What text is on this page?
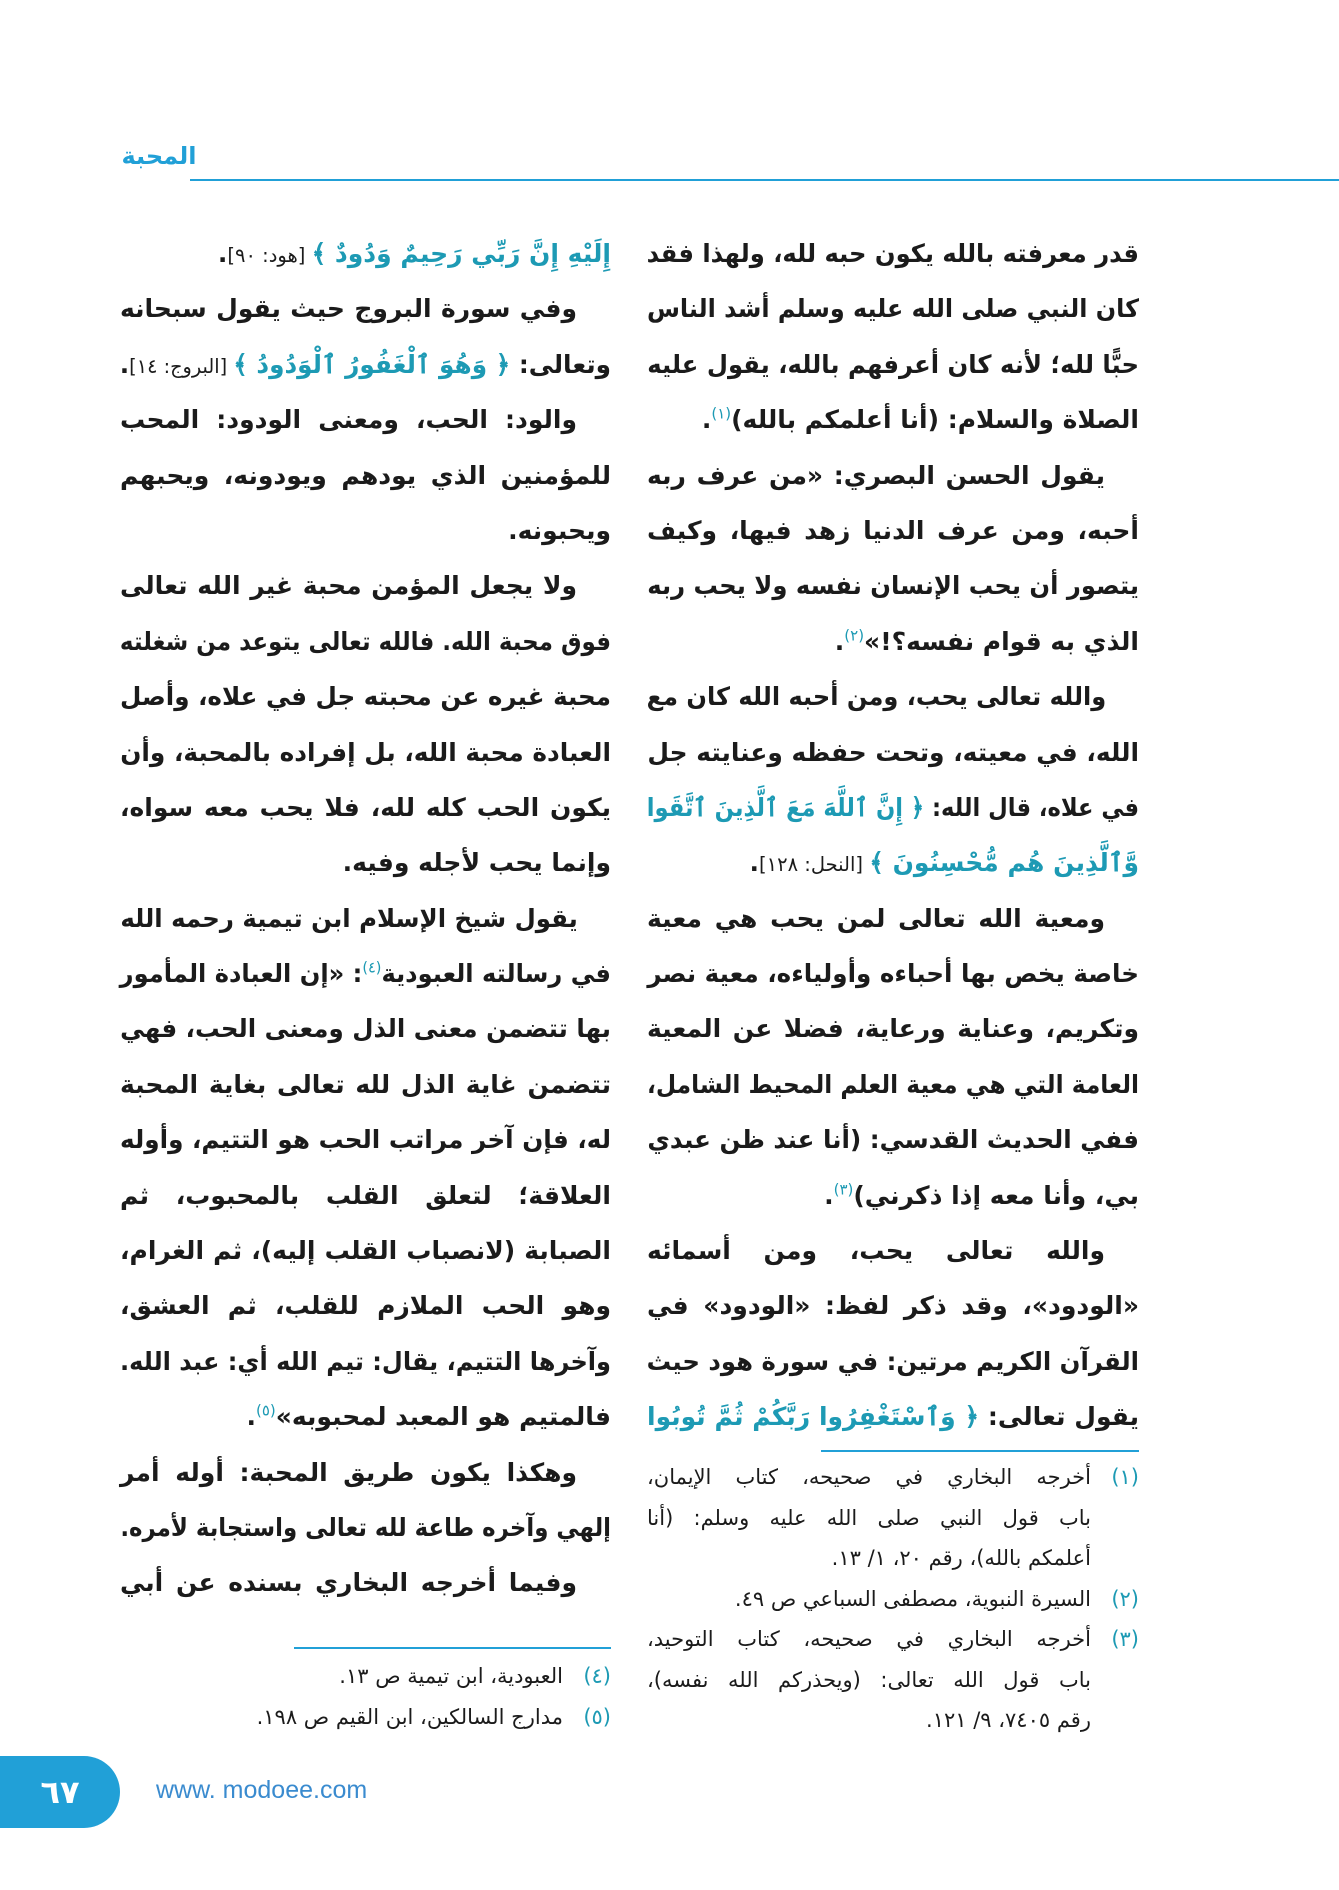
المحبة
قدر معرفته بالله يكون حبه لله، ولهذا فقد
كان النبي صلى الله عليه وسلم أشد الناس
حبًّا لله؛ لأنه كان أعرفهم بالله، يقول عليه
الصلاة والسلام: (أنا أعلمكم بالله)$^{(١)}$.
يقول الحسن البصري: «من عرف ربه
أحبه، ومن عرف الدنيا زهد فيها، وكيف
يتصور أن يحب الإنسان نفسه ولا يحب ربه
الذي به قوام نفسه؟!»$^{(٢)}$.
والله تعالى يحب، ومن أحبه الله كان مع
الله، في معيته، وتحت حفظه وعنايته جل
في علاه، قال الله: ﴿ إِنَّ ٱللَّهَ مَعَ ٱلَّذِينَ ٱتَّقَوا
وَّٱلَّذِينَ هُم مُّحْسِنُونَ ﴾ [النحل: ١٢٨].
ومعية الله تعالى لمن يحب هي معية
خاصة يخص بها أحباءه وأولياءه، معية نصر
وتكريم، وعناية ورعاية، فضلا عن المعية
العامة التي هي معية العلم المحيط الشامل،
ففي الحديث القدسي: (أنا عند ظن عبدي
بي، وأنا معه إذا ذكرني)$^{(٣)}$.
والله تعالى يحب، ومن أسمائه
«الودود»، وقد ذكر لفظ: «الودود» في
القرآن الكريم مرتين: في سورة هود حيث
يقول تعالى: ﴿ وَٱسْتَغْفِرُوا رَبَّكُمْ ثُمَّ تُوبُوا
إِلَيْهِ إِنَّ رَبِّي رَحِيمٌ وَدُودٌ ﴾ [هود: ٩٠].
وفي سورة البروج حيث يقول سبحانه
وتعالى: ﴿ وَهُوَ ٱلْغَفُورُ ٱلْوَدُودُ ﴾ [البروج: ١٤].
والود: الحب، ومعنى الودود: المحب
للمؤمنين الذي يودهم ويودونه، ويحبهم
ويحبونه.
ولا يجعل المؤمن محبة غير الله تعالى
فوق محبة الله. فالله تعالى يتوعد من شغلته
محبة غيره عن محبته جل في علاه، وأصل
العبادة محبة الله، بل إفراده بالمحبة، وأن
يكون الحب كله لله، فلا يحب معه سواه،
وإنما يحب لأجله وفيه.
يقول شيخ الإسلام ابن تيمية رحمه الله
في رسالته العبودية$^{(٤)}$: «إن العبادة المأمور
بها تتضمن معنى الذل ومعنى الحب، فهي
تتضمن غاية الذل لله تعالى بغاية المحبة
له، فإن آخر مراتب الحب هو التتيم، وأوله
العلاقة؛ لتعلق القلب بالمحبوب، ثم
الصبابة (لانصباب القلب إليه)، ثم الغرام،
وهو الحب الملازم للقلب، ثم العشق،
وآخرها التتيم، يقال: تيم الله أي: عبد الله.
فالمتيم هو المعبد لمحبوبه»$^{(٥)}$.
وهكذا يكون طريق المحبة: أوله أمر
إلهي وآخره طاعة لله تعالى واستجابة لأمره.
وفيما أخرجه البخاري بسنده عن أبي
(١)أخرجه البخاري في صحيحه، كتاب الإيمان،
باب قول النبي صلى الله عليه وسلم: (أنا
أعلمكم بالله)، رقم ٢٠، ١/ ١٣.
(٢)السيرة النبوية، مصطفى السباعي ص ٤٩.
(٣)أخرجه البخاري في صحيحه، كتاب التوحيد،
باب قول الله تعالى: (ويحذركم الله نفسه)،
رقم ٧٤٠٥، ٩/ ١٢١.
(٤)العبودية، ابن تيمية ص ١٣.
(٥)مدارج السالكين، ابن القيم ص ١٩٨.
٦٧	www. modoee.com
